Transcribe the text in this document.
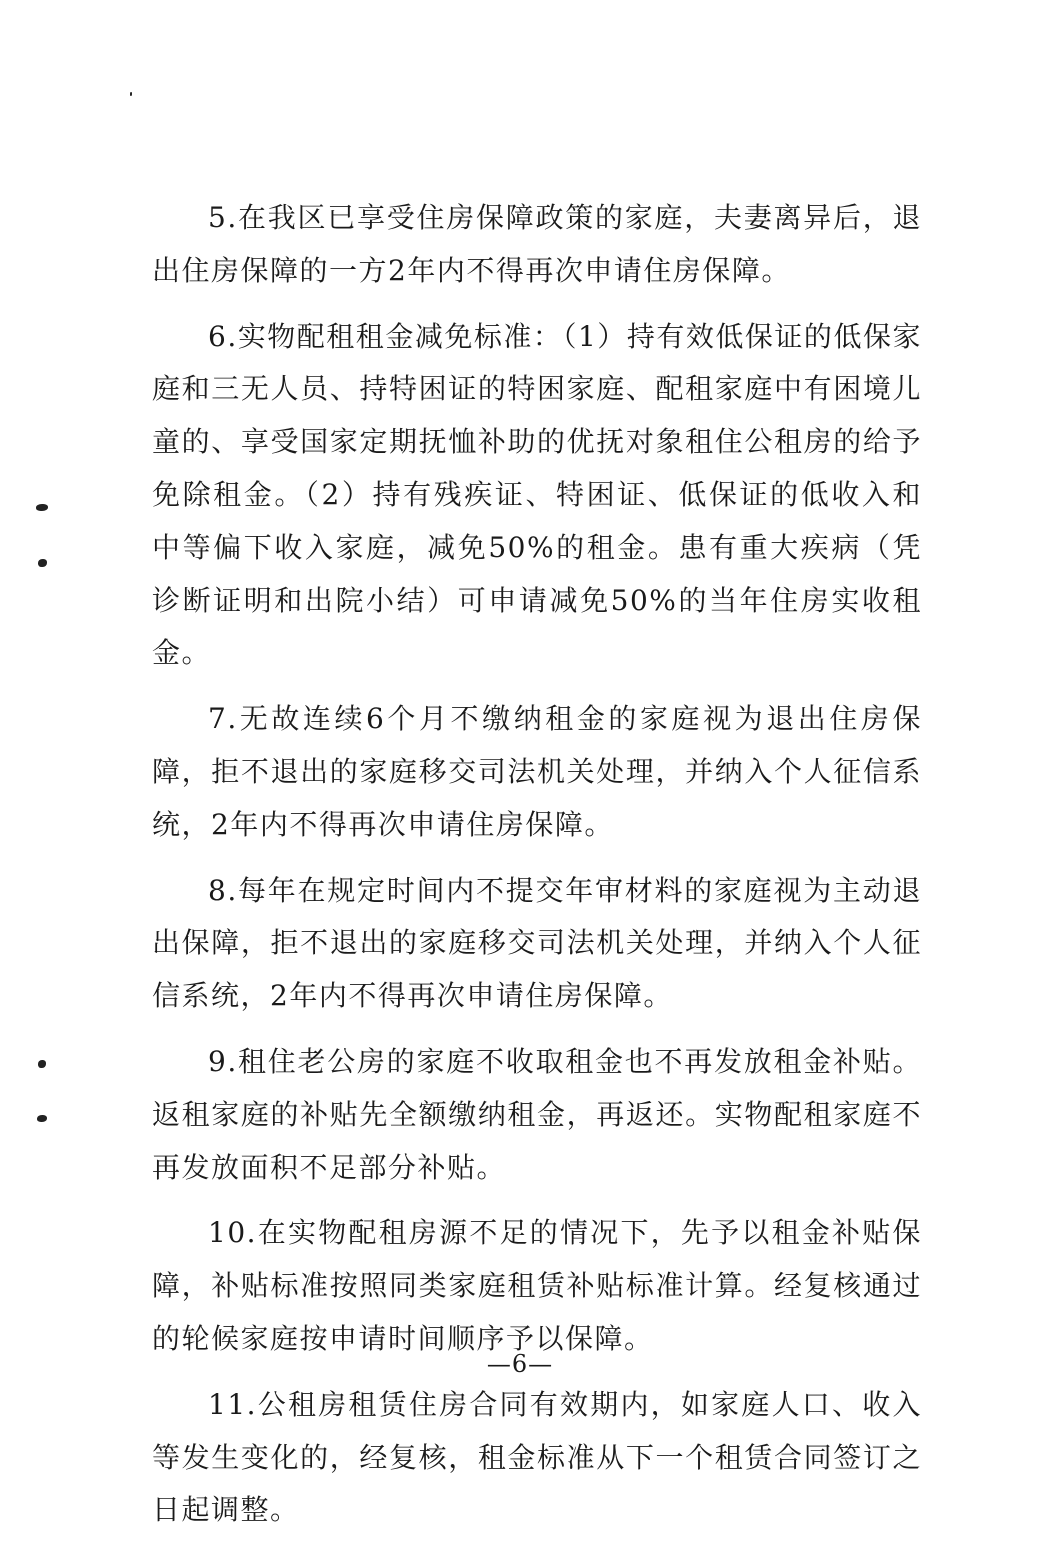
5.在我区已享受住房保障政策的家庭，夫妻离异后，退出住房保障的一方2年内不得再次申请住房保障。

6.实物配租租金减免标准：（1）持有效低保证的低保家庭和三无人员、持特困证的特困家庭、配租家庭中有困境儿童的、享受国家定期抚恤补助的优抚对象租住公租房的给予免除租金。（2）持有残疾证、特困证、低保证的低收入和中等偏下收入家庭，减免50%的租金。患有重大疾病（凭诊断证明和出院小结）可申请减免50%的当年住房实收租金。

7.无故连续6个月不缴纳租金的家庭视为退出住房保障，拒不退出的家庭移交司法机关处理，并纳入个人征信系统，2年内不得再次申请住房保障。

8.每年在规定时间内不提交年审材料的家庭视为主动退出保障，拒不退出的家庭移交司法机关处理，并纳入个人征信系统，2年内不得再次申请住房保障。

9.租住老公房的家庭不收取租金也不再发放租金补贴。返租家庭的补贴先全额缴纳租金，再返还。实物配租家庭不再发放面积不足部分补贴。

10.在实物配租房源不足的情况下，先予以租金补贴保障，补贴标准按照同类家庭租赁补贴标准计算。经复核通过的轮候家庭按申请时间顺序予以保障。

11.公租房租赁住房合同有效期内，如家庭人口、收入等发生变化的，经复核，租金标准从下一个租赁合同签订之日起调整。

—6—
